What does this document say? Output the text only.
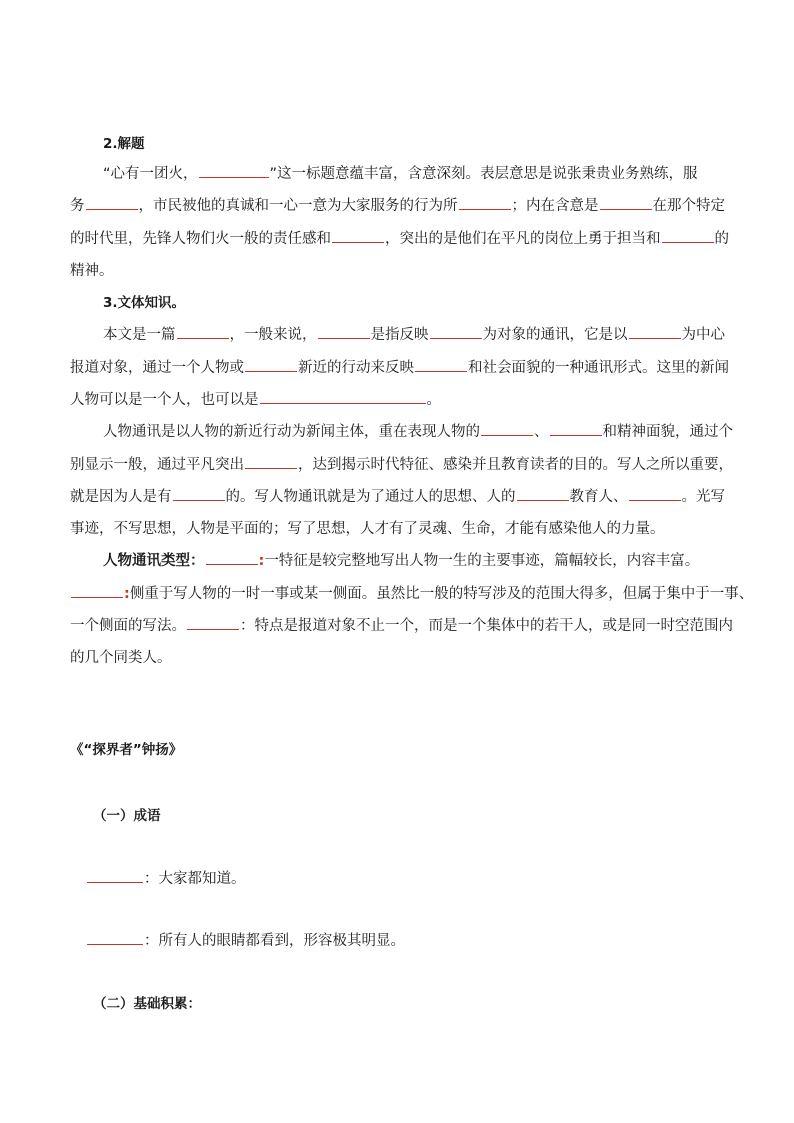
2.解题
“心有一团火，	”这一标题意蕴丰富，含意深刻。表层意思是说张秉贵业务熟练，服
务	，市民被他的真诚和一心一意为大家服务的行为所	；内在含意是	在那个特定
的时代里，先锋人物们火一般的责任感和	，突出的是他们在平凡的岗位上勇于担当和	的
精神。
3.文体知识。
本文是一篇	，一般来说，	是指反映	为对象的通讯，它是以	为中心
报道对象，通过一个人物或	新近的行动来反映	和社会面貌的一种通讯形式。这里的新闻
人物可以是一个人，也可以是	。
人物通讯是以人物的新近行动为新闻主体，重在表现人物的	、	和精神面貌，通过个
别显示一般，通过平凡突出	，达到揭示时代特征、感染并且教育读者的目的。写人之所以重要，
就是因为人是有	的。写人物通讯就是为了通过人的思想、人的	教育人、	。光写
事迹，不写思想，人物是平面的；写了思想，人才有了灵魂、生命，才能有感染他人的力量。
人物通讯类型：	:一特征是较完整地写出人物一生的主要事迹，篇幅较长，内容丰富。
:侧重于写人物的一时一事或某一侧面。虽然比一般的特写涉及的范围大得多，但属于集中于一事、
一个侧面的写法。	：特点是报道对象不止一个，而是一个集体中的若干人，或是同一时空范围内
的几个同类人。
《“探界者”钟扬》
（一）成语
：大家都知道。
：所有人的眼睛都看到，形容极其明显。
（二）基础积累：
